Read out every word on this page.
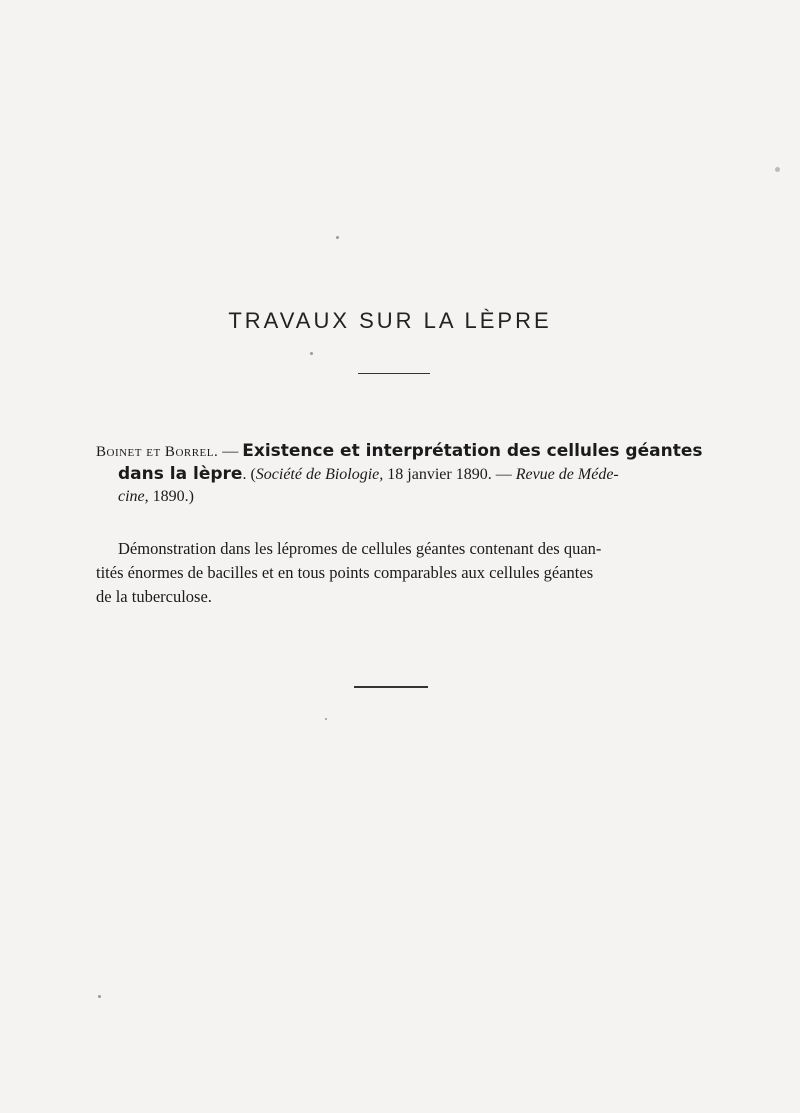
TRAVAUX SUR LA LÈPRE
Boinet et Borrel. — Existence et interprétation des cellules géantes
dans la lèpre. (Société de Biologie, 18 janvier 1890. — Revue de Méde-
cine, 1890.)
Démonstration dans les lépromes de cellules géantes contenant des quan-
tités énormes de bacilles et en tous points comparables aux cellules géantes
de la tuberculose.
